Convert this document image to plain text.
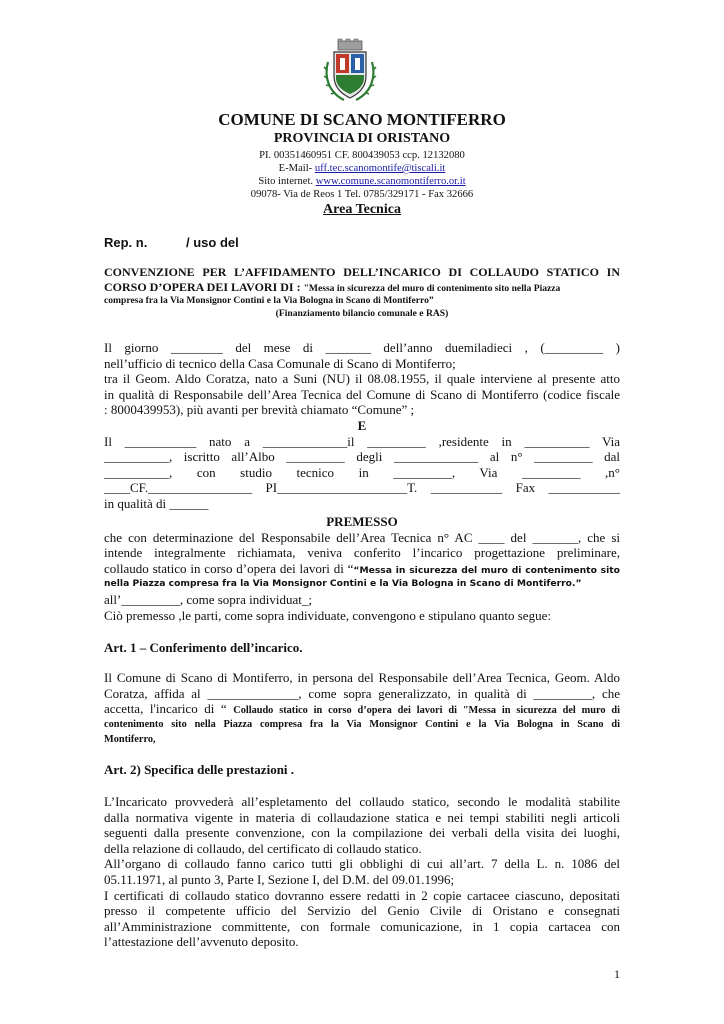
COMUNE DI SCANO MONTIFERRO
PROVINCIA DI ORISTANO
PI. 00351460951 CF. 800439053 ccp. 12132080
E-Mail- uff.tec.scanomontife@tiscali.it
Sito internet. www.comune.scanomontiferro.or.it
09078- Via de Reos 1 Tel. 0785/329171 - Fax 32666
Area Tecnica
Rep. n.	/ uso del
CONVENZIONE PER L’AFFIDAMENTO DELL’INCARICO DI COLLAUDO STATICO IN
CORSO D’OPERA DEI LAVORI DI : "Messa in sicurezza del muro di contenimento sito nella Piazza
compresa fra la Via Monsignor Contini e la Via Bologna in Scano di Montiferro”
(Finanziamento bilancio comunale e RAS)
Il giorno ________ del mese di _______ dell’anno duemiladieci , (_________ )
nell’ufficio di tecnico della Casa Comunale di Scano di Montiferro;
tra il Geom. Aldo Coratza, nato a Suni (NU) il 08.08.1955, il quale interviene al presente atto
in qualità di Responsabile dell’Area Tecnica del Comune di Scano di Montiferro (codice fiscale
: 8000439953), più avanti per brevità chiamato “Comune” ;
E
Il ___________ nato a _____________il _________ ,residente in __________ Via
__________, iscritto all’Albo _________ degli _____________ al n° _________ dal
__________, con studio tecnico in _________, Via _________ ,n°
____CF.________________ PI____________________T. ___________ Fax ___________
in qualità di ______
PREMESSO
che con determinazione del Responsabile dell’Area Tecnica n° AC ____ del _______, che si
intende integralmente richiamata, veniva conferito l’incarico progettazione preliminare,
collaudo statico in corso d’opera dei lavori di ““Messa in sicurezza del muro di contenimento sito
nella Piazza compresa fra la Via Monsignor Contini e la Via Bologna in Scano di Montiferro.”
all’_________, come sopra individuat_;
Ciò premesso ,le parti, come sopra individuate, convengono e stipulano quanto segue:
Art. 1 – Conferimento dell’incarico.
Il Comune di Scano di Montiferro, in persona del Responsabile dell’Area Tecnica, Geom. Aldo
Coratza, affida al ______________, come sopra generalizzato, in qualità di _________, che
accetta, l'incarico di “ Collaudo statico in corso d’opera dei lavori di "Messa in sicurezza del muro di
contenimento sito nella Piazza compresa fra la Via Monsignor Contini e la Via Bologna in Scano di
Montiferro,
Art. 2) Specifica delle prestazioni .
L’Incaricato provvederà all’espletamento del collaudo statico, secondo le modalità stabilite
dalla normativa vigente in materia di collaudazione statica e nei tempi stabiliti negli articoli
seguenti dalla presente convenzione, con la compilazione dei verbali della visita dei luoghi,
della relazione di collaudo, del certificato di collaudo statico.
All’organo di collaudo fanno carico tutti gli obblighi di cui all’art. 7 della L. n. 1086 del
05.11.1971, al punto 3, Parte I, Sezione I, del D.M. del 09.01.1996;
I certificati di collaudo statico dovranno essere redatti in 2 copie cartacee ciascuno, depositati
presso il competente ufficio del Servizio del Genio Civile di Oristano e consegnati
all’Amministrazione committente, con formale comunicazione, in 1 copia cartacea con
l’attestazione dell’avvenuto deposito.
1
